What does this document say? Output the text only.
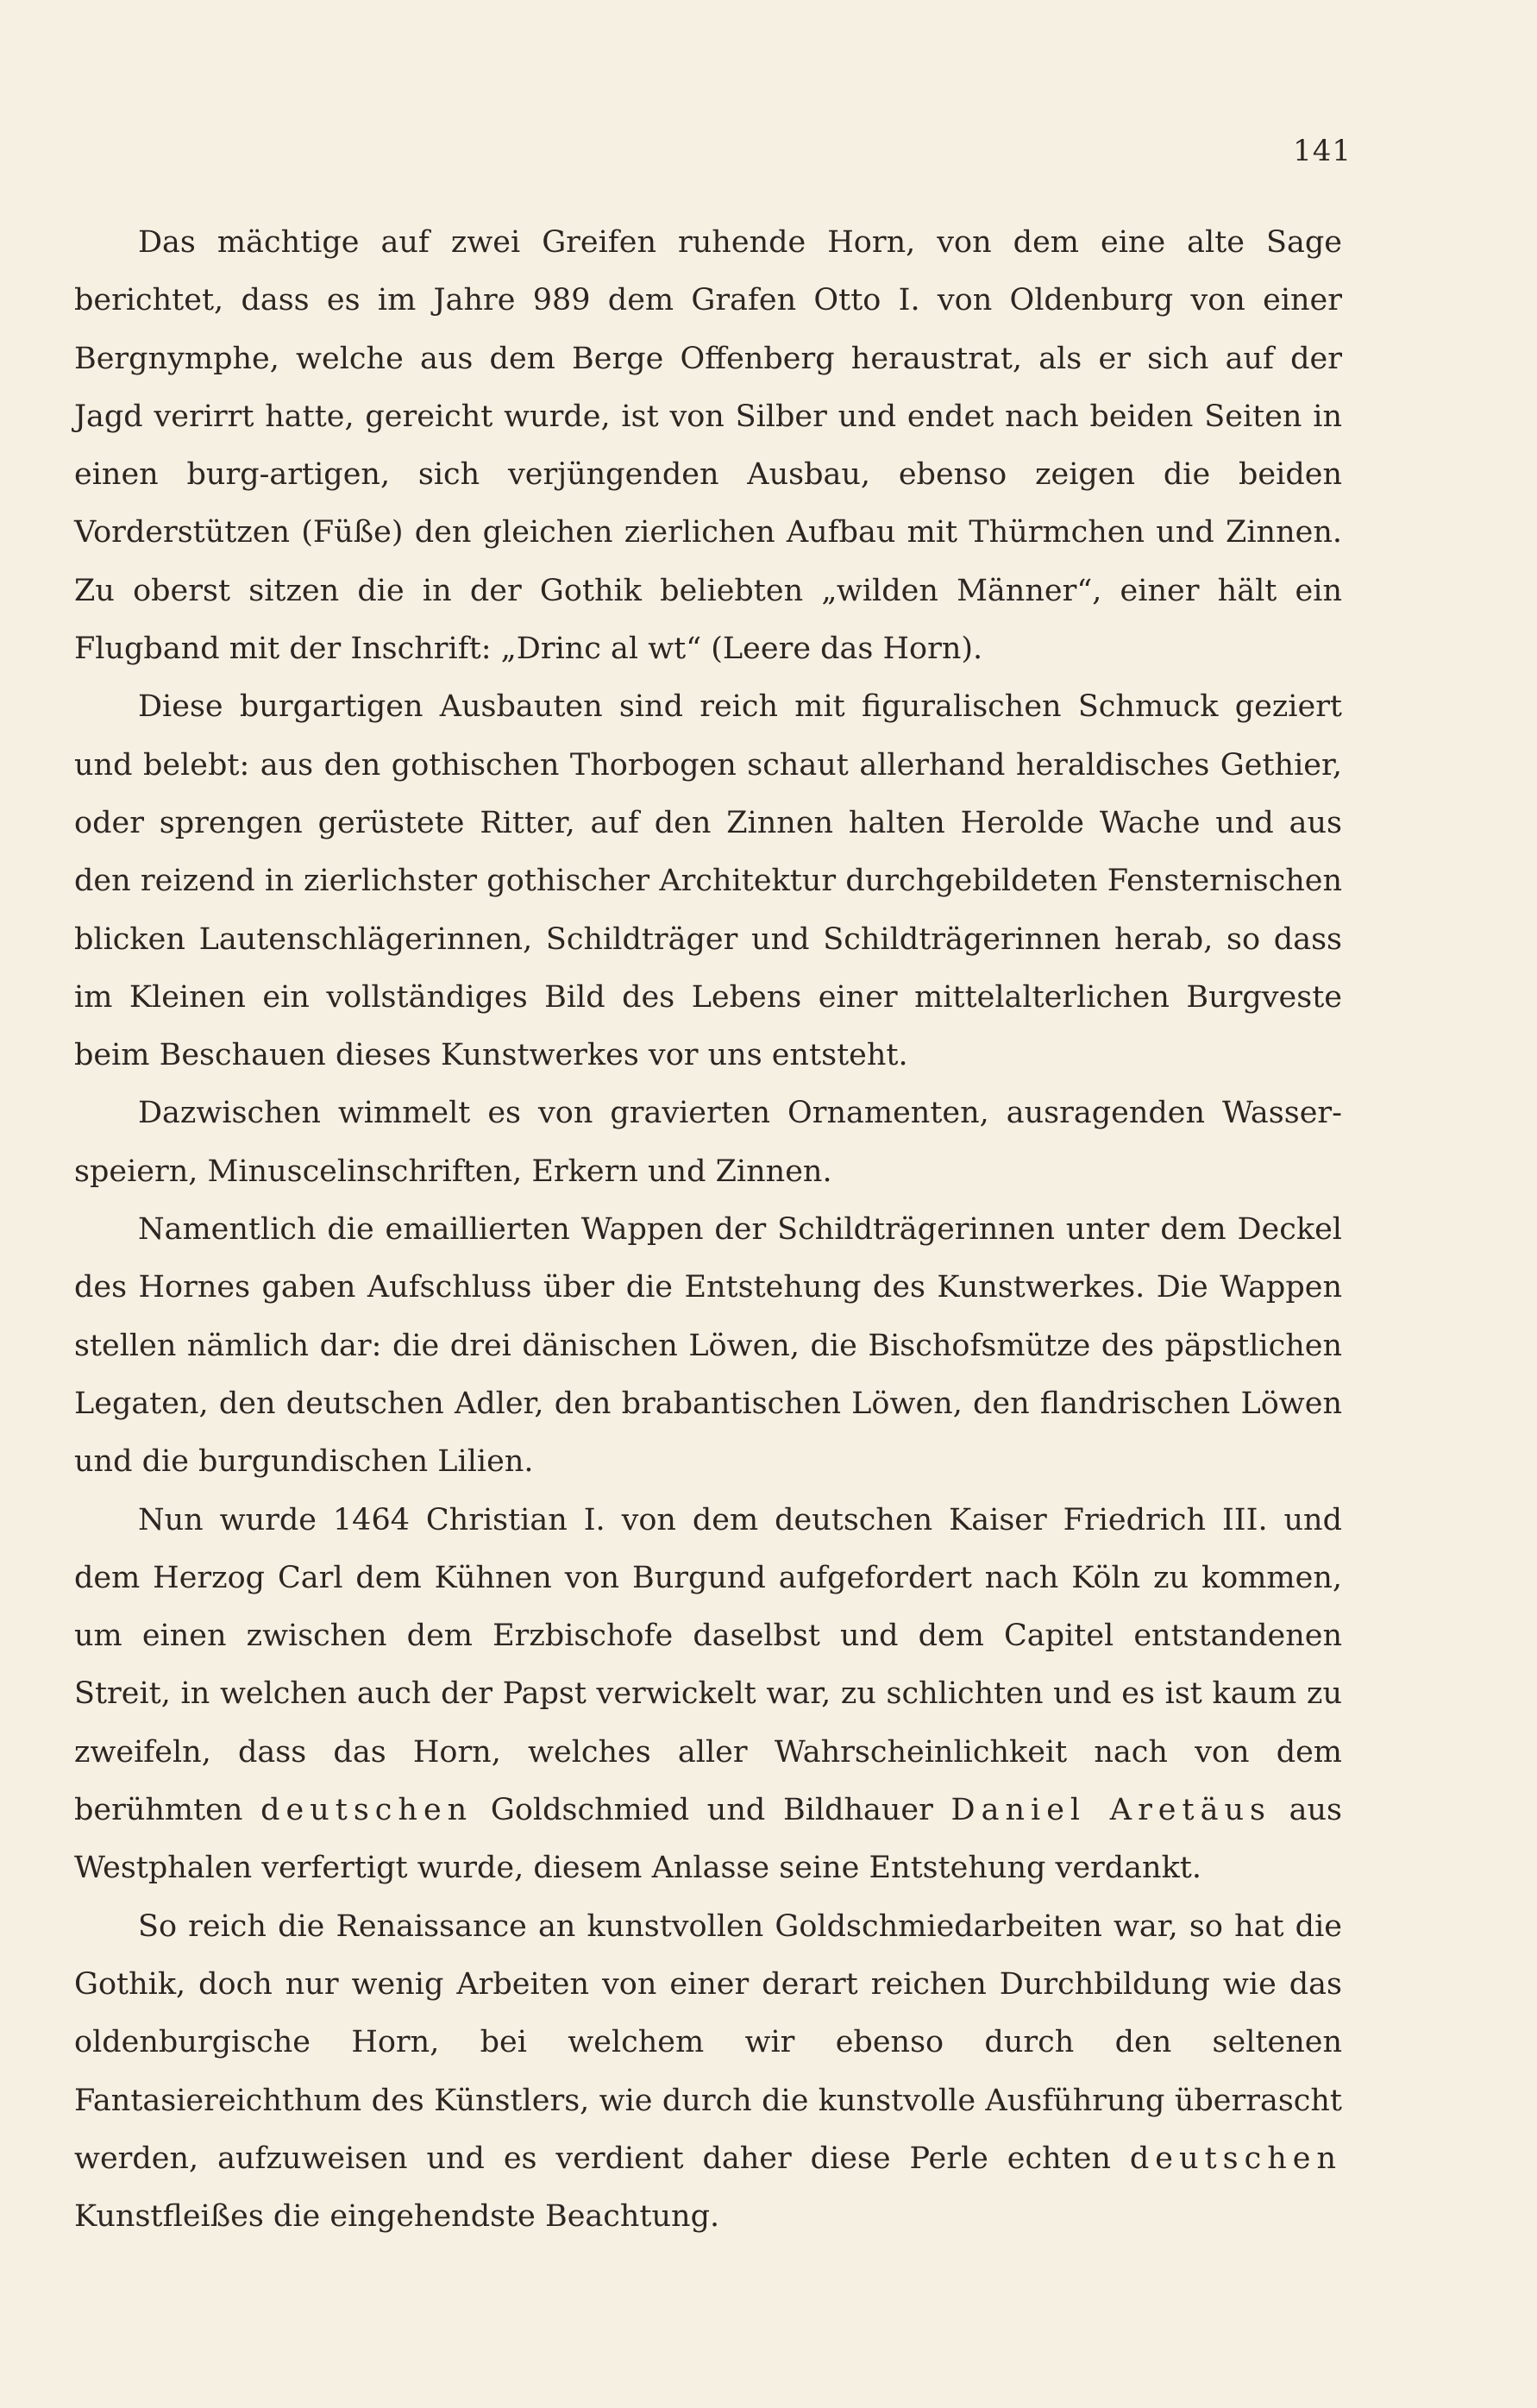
141

Das mächtige auf zwei Greifen ruhende Horn, von dem eine alte Sage berichtet, dass es im Jahre 989 dem Grafen Otto I. von Oldenburg von einer Bergnymphe, welche aus dem Berge Offenberg heraustrat, als er sich auf der Jagd verirrt hatte, gereicht wurde, ist von Silber und endet nach beiden Seiten in einen burg-artigen, sich verjüngenden Ausbau, ebenso zeigen die beiden Vorderstützen (Füße) den gleichen zierlichen Aufbau mit Thürmchen und Zinnen. Zu oberst sitzen die in der Gothik beliebten „wilden Männer“, einer hält ein Flugband mit der Inschrift: „Drinc al wt“ (Leere das Horn).

Diese burgartigen Ausbauten sind reich mit figuralischen Schmuck geziert und belebt: aus den gothischen Thorbogen schaut allerhand heraldisches Gethier, oder sprengen gerüstete Ritter, auf den Zinnen halten Herolde Wache und aus den reizend in zierlichster gothischer Architektur durchgebildeten Fensternischen blicken Lautenschlägerinnen, Schildträger und Schildträgerinnen herab, so dass im Kleinen ein vollständiges Bild des Lebens einer mittelalterlichen Burgveste beim Beschauen dieses Kunstwerkes vor uns entsteht.

Dazwischen wimmelt es von gravierten Ornamenten, ausragenden Wasser-speiern, Minuscelinschriften, Erkern und Zinnen.

Namentlich die emaillierten Wappen der Schildträgerinnen unter dem Deckel des Hornes gaben Aufschluss über die Entstehung des Kunstwerkes. Die Wappen stellen nämlich dar: die drei dänischen Löwen, die Bischofsmütze des päpstlichen Legaten, den deutschen Adler, den brabantischen Löwen, den flandrischen Löwen und die burgundischen Lilien.

Nun wurde 1464 Christian I. von dem deutschen Kaiser Friedrich III. und dem Herzog Carl dem Kühnen von Burgund aufgefordert nach Köln zu kommen, um einen zwischen dem Erzbischofe daselbst und dem Capitel entstandenen Streit, in welchen auch der Papst verwickelt war, zu schlichten und es ist kaum zu zweifeln, dass das Horn, welches aller Wahrscheinlichkeit nach von dem berühmten deutschen Goldschmied und Bildhauer Daniel Aretäus aus Westphalen verfertigt wurde, diesem Anlasse seine Entstehung verdankt.

So reich die Renaissance an kunstvollen Goldschmiedarbeiten war, so hat die Gothik, doch nur wenig Arbeiten von einer derart reichen Durchbildung wie das oldenburgische Horn, bei welchem wir ebenso durch den seltenen Fantasiereichthum des Künstlers, wie durch die kunstvolle Ausführung überrascht werden, aufzuweisen und es verdient daher diese Perle echten deutschen Kunstfleißes die eingehendste Beachtung.
